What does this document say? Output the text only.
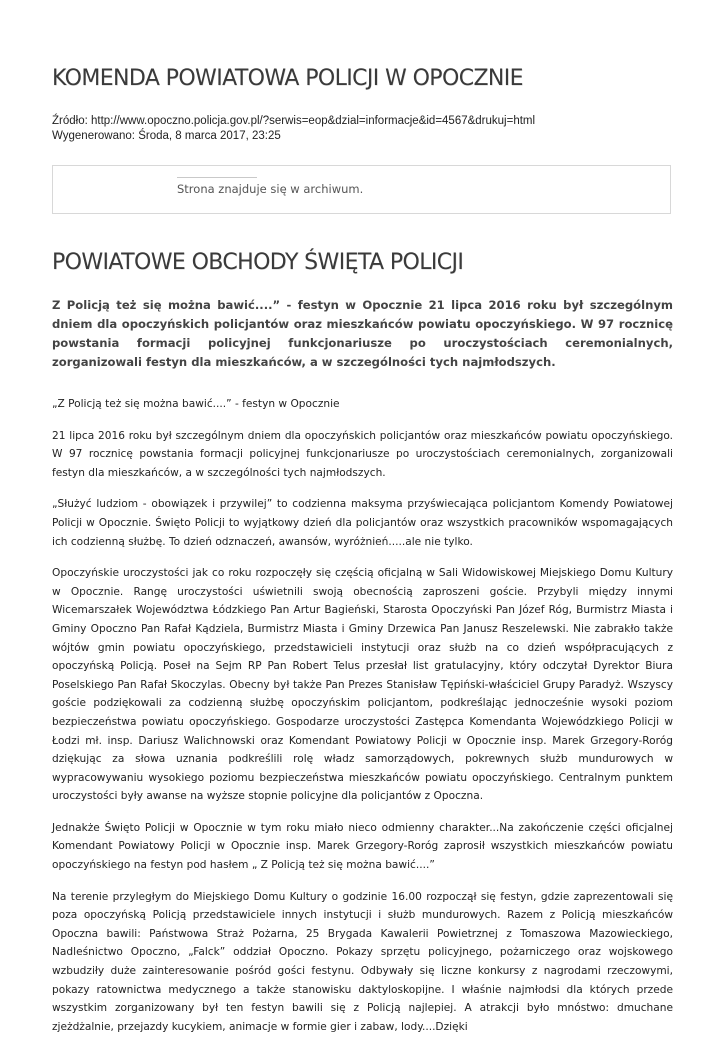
KOMENDA POWIATOWA POLICJI W OPOCZNIE
Źródło: http://www.opoczno.policja.gov.pl/?serwis=eop&dzial=informacje&id=4567&drukuj=html
Wygenerowano: Środa, 8 marca 2017, 23:25
Strona znajduje się w archiwum.
POWIATOWE OBCHODY ŚWIĘTA POLICJI

Z Policją też się można bawić....” - festyn w Opocznie 21 lipca 2016 roku był szczególnym dniem dla opoczyńskich policjantów oraz mieszkańców powiatu opoczyńskiego. W 97 rocznicę powstania formacji policyjnej funkcjonariusze po uroczystościach ceremonialnych, zorganizowali festyn dla mieszkańców, a w szczególności tych najmłodszych.

„Z Policją też się można bawić....” - festyn w Opocznie

21 lipca 2016 roku był szczególnym dniem dla opoczyńskich policjantów oraz mieszkańców powiatu opoczyńskiego. W 97 rocznicę powstania formacji policyjnej funkcjonariusze po uroczystościach ceremonialnych, zorganizowali festyn dla mieszkańców, a w szczególności tych najmłodszych.

„Służyć ludziom - obowiązek i przywilej” to codzienna maksyma przyświecająca policjantom Komendy Powiatowej Policji w Opocznie. Święto Policji to wyjątkowy dzień dla policjantów oraz wszystkich pracowników wspomagających ich codzienną służbę. To dzień odznaczeń, awansów, wyróżnień.....ale nie tylko.

Opoczyńskie uroczystości jak co roku rozpoczęły się częścią oficjalną w Sali Widowiskowej Miejskiego Domu Kultury w Opocznie. Rangę uroczystości uświetnili swoją obecnością zaproszeni goście. Przybyli między innymi Wicemarszałek Województwa Łódzkiego Pan Artur Bagieński, Starosta Opoczyński Pan Józef Róg, Burmistrz Miasta i Gminy Opoczno Pan Rafał Kądziela, Burmistrz Miasta i Gminy Drzewica Pan Janusz Reszelewski. Nie zabrakło także wójtów gmin powiatu opoczyńskiego, przedstawicieli instytucji oraz służb na co dzień współpracujących z opoczyńską Policją. Poseł na Sejm RP Pan Robert Telus przesłał list gratulacyjny, który odczytał Dyrektor Biura Poselskiego Pan Rafał Skoczylas. Obecny był także Pan Prezes Stanisław Tępiński-właściciel Grupy Paradyż. Wszyscy goście podziękowali za codzienną służbę opoczyńskim policjantom, podkreślając jednocześnie wysoki poziom bezpieczeństwa powiatu opoczyńskiego. Gospodarze uroczystości Zastępca Komendanta Wojewódzkiego Policji w Łodzi mł. insp. Dariusz Walichnowski oraz Komendant Powiatowy Policji w Opocznie insp. Marek Grzegory-Roróg dziękując za słowa uznania podkreślili rolę władz samorządowych, pokrewnych służb mundurowych w wypracowywaniu wysokiego poziomu bezpieczeństwa mieszkańców powiatu opoczyńskiego. Centralnym punktem uroczystości były awanse na wyższe stopnie policyjne dla policjantów z Opoczna.

Jednakże Święto Policji w Opocznie w tym roku miało nieco odmienny charakter...Na zakończenie części oficjalnej Komendant Powiatowy Policji w Opocznie insp. Marek Grzegory-Roróg zaprosił wszystkich mieszkańców powiatu opoczyńskiego na festyn pod hasłem „ Z Policją też się można bawić....”

Na terenie przyległym do Miejskiego Domu Kultury o godzinie 16.00 rozpoczął się festyn, gdzie zaprezentowali się poza opoczyńską Policją przedstawiciele innych instytucji i służb mundurowych. Razem z Policją mieszkańców Opoczna bawili: Państwowa Straż Pożarna, 25 Brygada Kawalerii Powietrznej z Tomaszowa Mazowieckiego, Nadleśnictwo Opoczno, „Falck” oddział Opoczno. Pokazy sprzętu policyjnego, pożarniczego oraz wojskowego wzbudziły duże zainteresowanie pośród gości festynu. Odbywały się liczne konkursy z nagrodami rzeczowymi, pokazy ratownictwa medycznego a także stanowisku daktyloskopijne. I właśnie najmłodsi dla których przede wszystkim zorganizowany był ten festyn bawili się z Policją najlepiej. A atrakcji było mnóstwo: dmuchane zjeżdżalnie, przejazdy kucykiem, animacje w formie gier i zabaw, lody....Dzięki
